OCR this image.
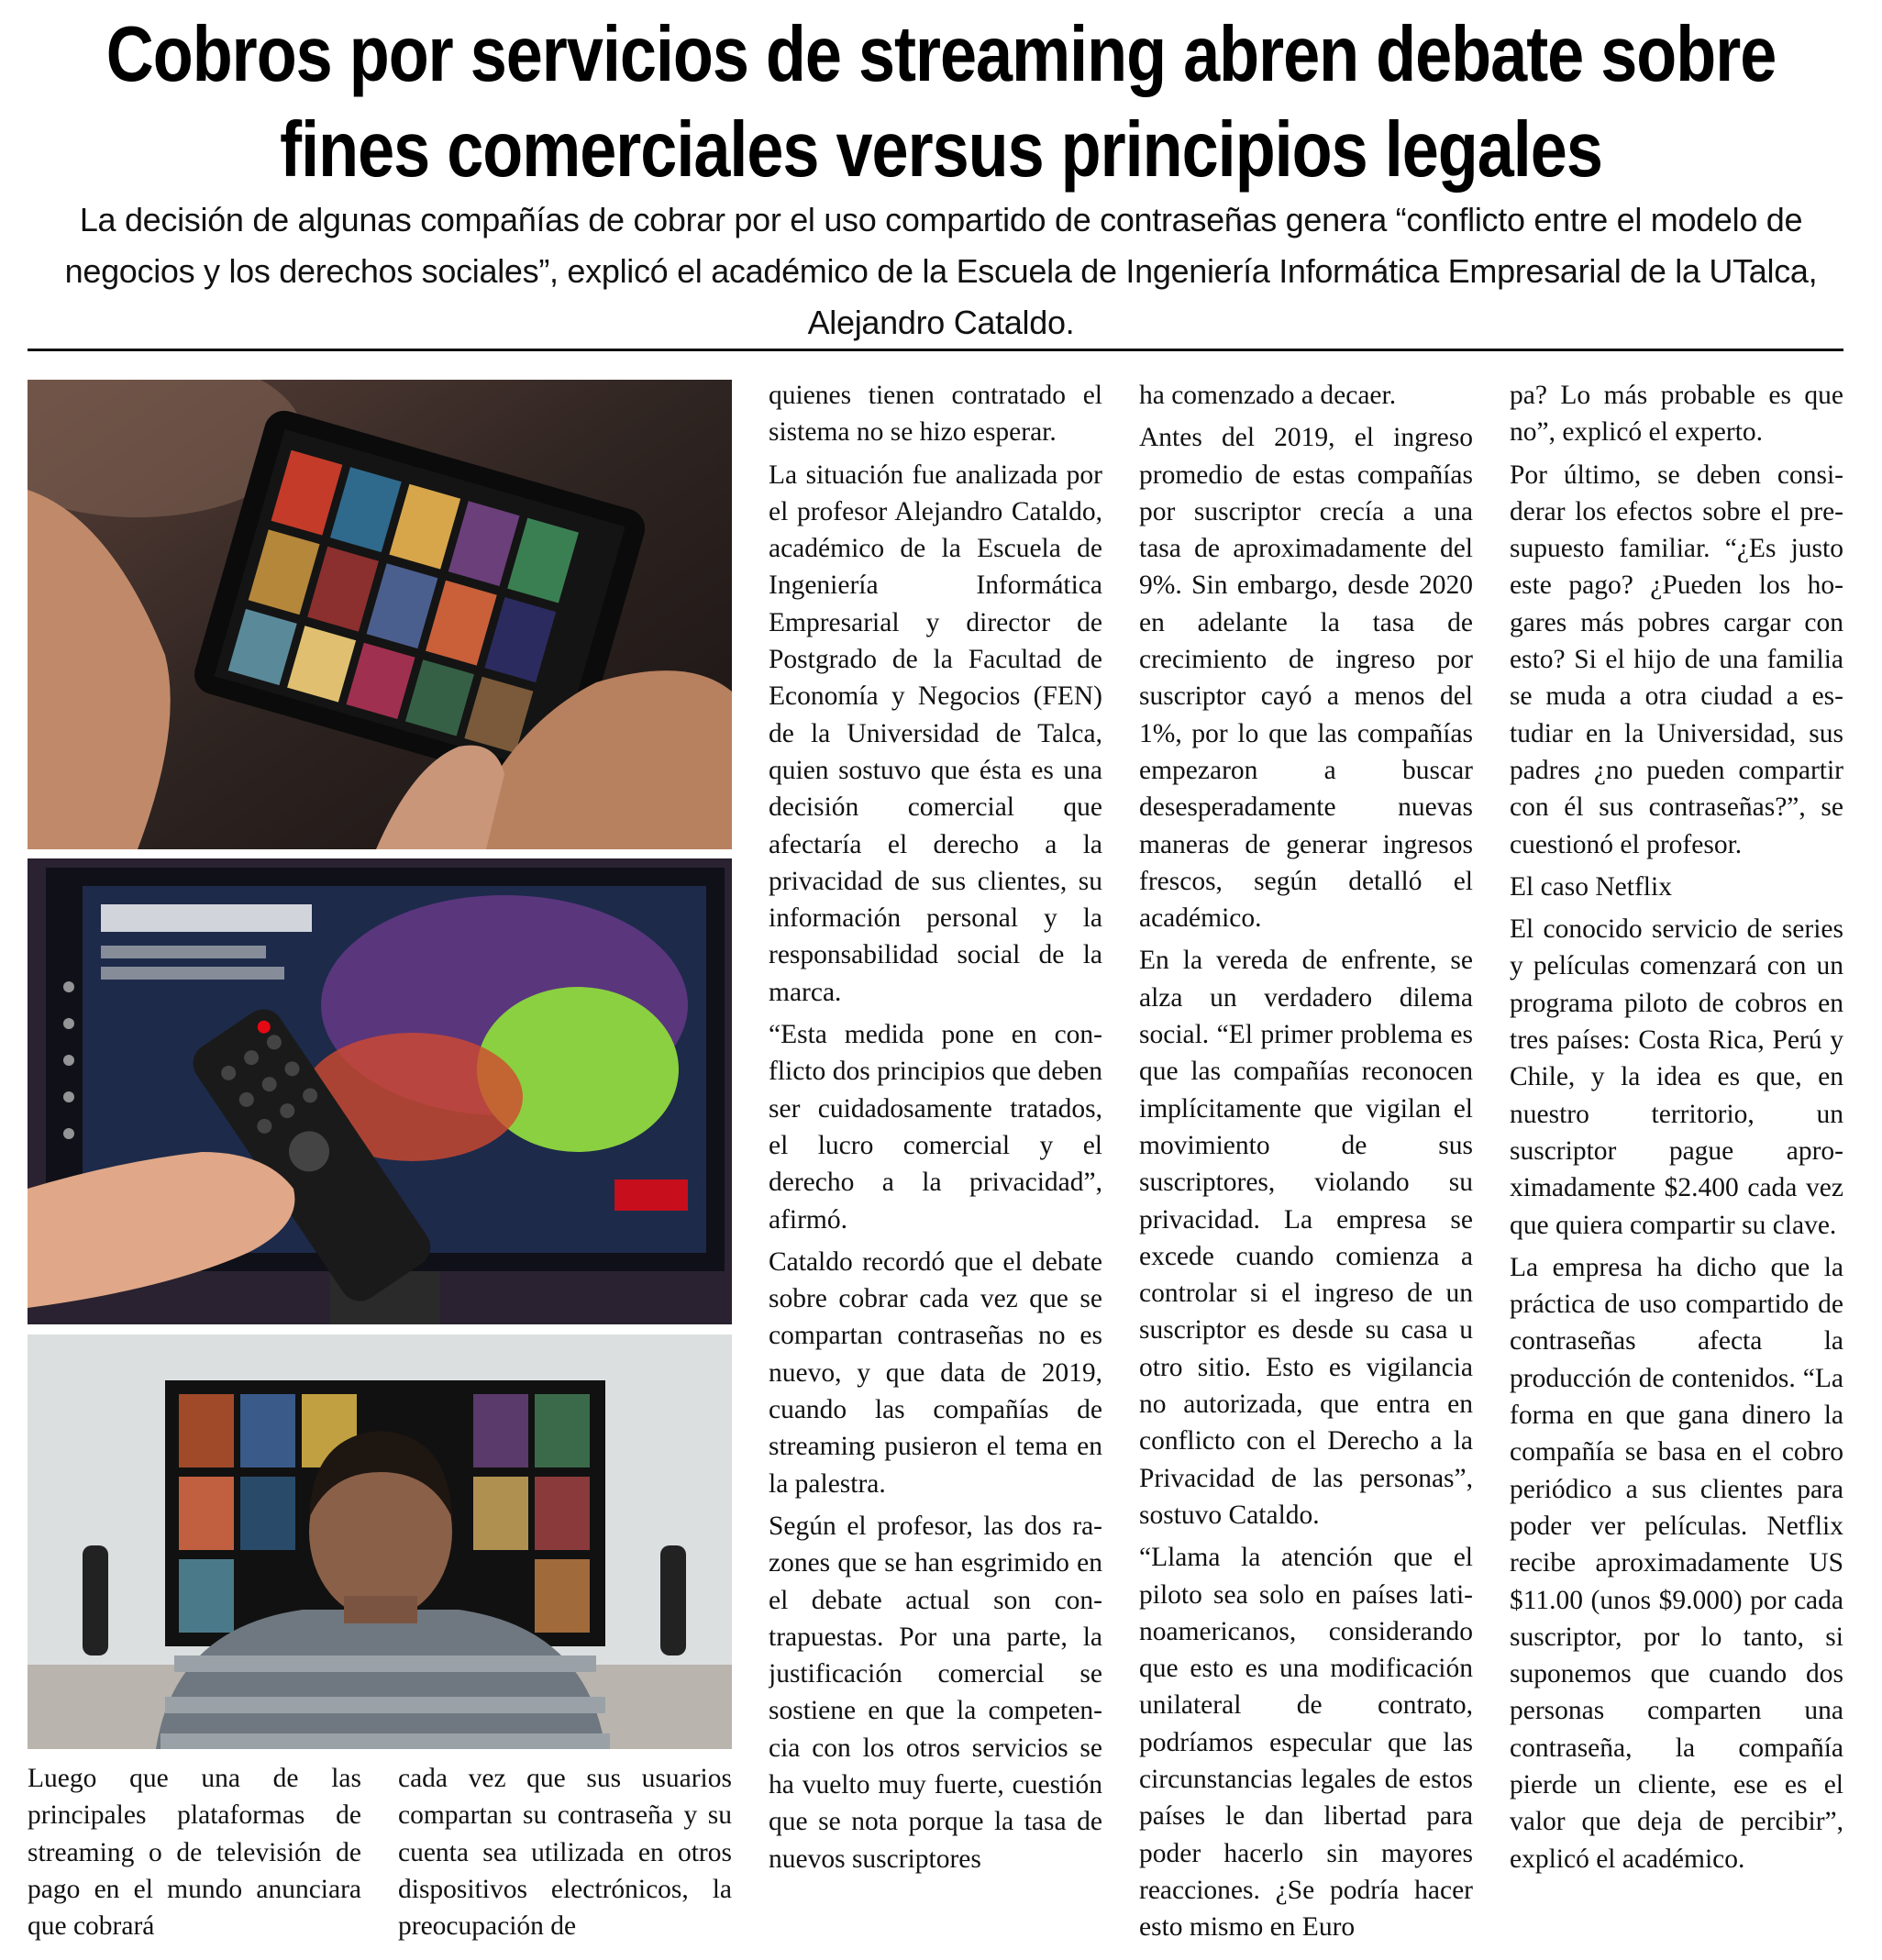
Cobros por servicios de streaming abren debate sobre fines comerciales versus principios legales

La decisión de algunas compañías de cobrar por el uso compartido de contraseñas genera “conflicto entre el modelo de negocios y los derechos sociales”, explicó el académico de la Escuela de Ingeniería Informática Empresarial de la UTalca, Alejandro Cataldo.

Luego que una de las principales plataformas de streaming o de televisión de pago en el mundo anunciara que cobrará

cada vez que sus usuarios compartan su contraseña y su cuenta sea utilizada en otros dispositivos electrónicos, la preocupación de

quienes tienen contratado el sistema no se hizo esperar.

La situación fue analizada por el profesor Alejandro Cataldo, académico de la Escuela de Ingeniería Informática Empresarial y director de Postgrado de la Facultad de Economía y Negocios (FEN) de la Universidad de Talca, quien sostuvo que ésta es una decisión comercial que afectaría el derecho a la privacidad de sus clientes, su información personal y la responsabilidad social de la marca.

“Esta medida pone en conflicto dos principios que deben ser cuidadosamente tratados, el lucro comercial y el derecho a la privacidad”, afirmó.

Cataldo recordó que el debate sobre cobrar cada vez que se compartan contraseñas no es nuevo, y que data de 2019, cuando las compañías de streaming pusieron el tema en la palestra.

Según el profesor, las dos razones que se han esgrimido en el debate actual son contrapuestas. Por una parte, la justificación comercial se sostiene en que la competencia con los otros servicios se ha vuelto muy fuerte, cuestión que se nota porque la tasa de nuevos suscriptores

ha comenzado a decaer.

Antes del 2019, el ingreso promedio de estas compañías por suscriptor crecía a una tasa de aproximadamente del 9%. Sin embargo, desde 2020 en adelante la tasa de crecimiento de ingreso por suscriptor cayó a menos del 1%, por lo que las compañías empezaron a buscar desesperadamente nuevas maneras de generar ingresos frescos, según detalló el académico.

En la vereda de enfrente, se alza un verdadero dilema social. “El primer problema es que las compañías reconocen implícitamente que vigilan el movimiento de sus suscriptores, violando su privacidad. La empresa se excede cuando comienza a controlar si el ingreso de un suscriptor es desde su casa u otro sitio. Esto es vigilancia no autorizada, que entra en conflicto con el Derecho a la Privacidad de las personas”, sostuvo Cataldo.

“Llama la atención que el piloto sea solo en países latinoamericanos, considerando que esto es una modificación unilateral de contrato, podríamos especular que las circunstancias legales de estos países le dan libertad para poder hacerlo sin mayores reacciones. ¿Se podría hacer esto mismo en Euro

pa? Lo más probable es que no”, explicó el experto.

Por último, se deben considerar los efectos sobre el presupuesto familiar. “¿Es justo este pago? ¿Pueden los hogares más pobres cargar con esto? Si el hijo de una familia se muda a otra ciudad a estudiar en la Universidad, sus padres ¿no pueden compartir con él sus contraseñas?”, se cuestionó el profesor.

El caso Netflix

El conocido servicio de series y películas comenzará con un programa piloto de cobros en tres países: Costa Rica, Perú y Chile, y la idea es que, en nuestro territorio, un suscriptor pague aproximadamente $2.400 cada vez que quiera compartir su clave.

La empresa ha dicho que la práctica de uso compartido de contraseñas afecta la producción de contenidos. “La forma en que gana dinero la compañía se basa en el cobro periódico a sus clientes para poder ver películas. Netflix recibe aproximadamente US $11.00 (unos $9.000) por cada suscriptor, por lo tanto, si suponemos que cuando dos personas comparten una contraseña, la compañía pierde un cliente, ese es el valor que deja de percibir”, explicó el académico.
